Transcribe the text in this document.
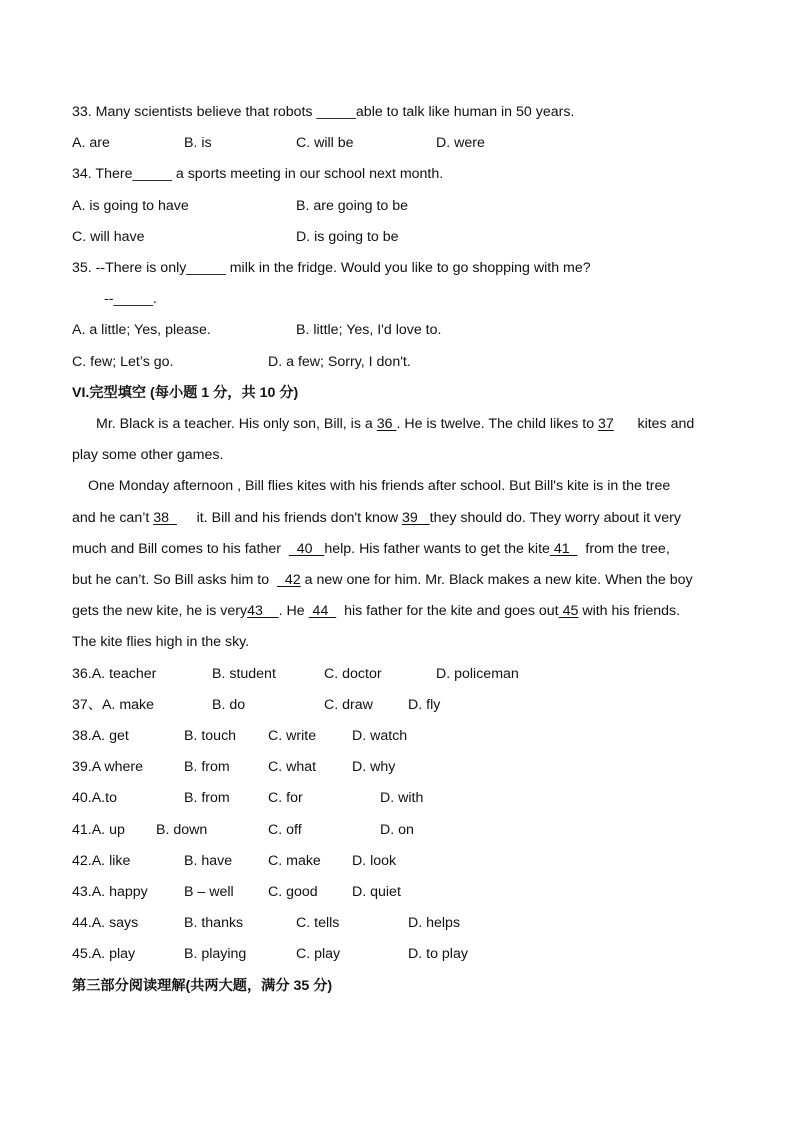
33. Many scientists believe that robots _____able to talk like human in 50 years.
A. are	B. is	C. will be	D. were
34. There_____ a sports meeting in our school next month.
A. is going to have	B. are going to be
C. will have	D. is going to be
35. --There is only_____ milk in the fridge. Would you like to go shopping with me?
--_____.
A. a little; Yes, please.	B. little; Yes, I'd love to.
C. few; Let’s go.	D. a few; Sorry, I don't.
VI.完型填空 (每小题 1 分，共 10 分)
Mr. Black is a teacher. His only son, Bill, is a 36 . He is twelve. The child likes to 37      kites and
play some other games.
One Monday afternoon , Bill flies kites with his friends after school. But Bill's kite is in the tree
and he can’t 38       it. Bill and his friends don't know 39   they should do. They worry about it very
much and Bill comes to his father    40   help. His father wants to get the kite 41    from the tree,
but he can’t. So Bill asks him to    42 a new one for him. Mr. Black makes a new kite. When the boy
gets the new kite, he is very43    . He  44    his father for the kite and goes out 45 with his friends.
The kite flies high in the sky.
36.A. teacher	B. student	C. doctor	D. policeman
37、A. make	B. do	C. draw D. fly
38.A. get	B. touch C. write	D. watch
39.A where	B. from	C. what	D. why
40.A.to	B. from	C. for	D. with
41.A. up B. down	C. off	D. on
42.A. like	B. have	C. make D. look
43.A. happy	B – well C. good D. quiet
44.A. says	B. thanks	C. tells	D. helps
45.A. play	B. playing	C. play	D. to play
第三部分阅读理解(共两大题，满分 35 分)
